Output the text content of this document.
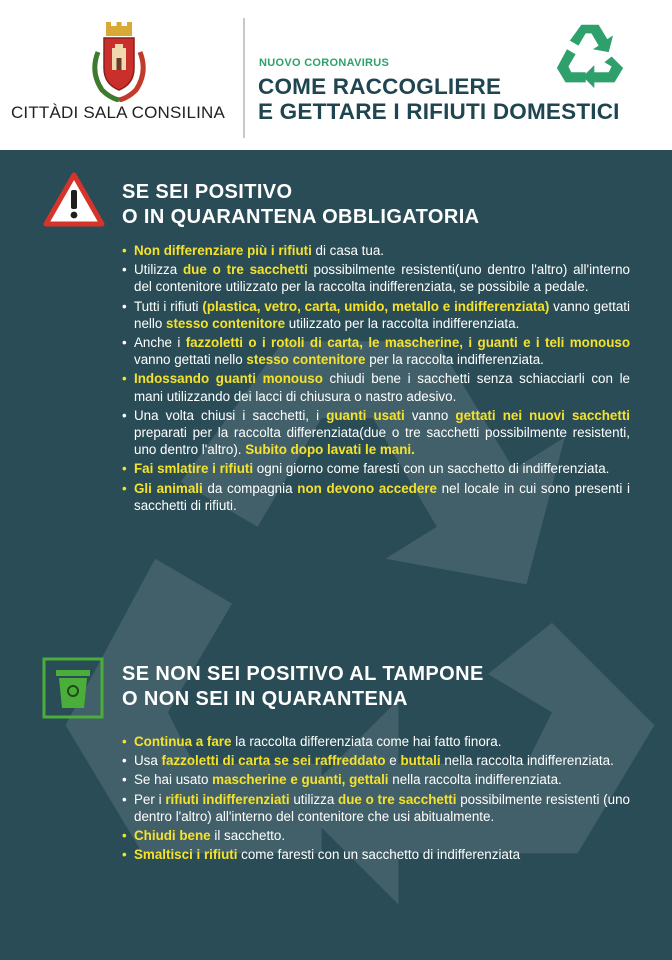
CITTÀDI SALA CONSILINA
NUOVO CORONAVIRUS
COME RACCOGLIERE
E GETTARE I RIFIUTI DOMESTICI
SE SEI POSITIVO
O IN QUARANTENA OBBLIGATORIA
• Non differenziare più i rifiuti di casa tua.
• Utilizza due o tre sacchetti possibilmente resistenti(uno dentro l'altro) all'interno del contenitore utilizzato per la raccolta indifferenziata, se possibile a pedale.
• Tutti i rifiuti (plastica, vetro, carta, umido, metallo e indifferenziata) vanno gettati nello stesso contenitore utilizzato per la raccolta indifferenziata.
• Anche i fazzoletti o i rotoli di carta, le mascherine, i guanti e i teli monouso vanno gettati nello stesso contenitore per la raccolta indifferenziata.
• Indossando guanti monouso chiudi bene i sacchetti senza schiacciarli con le mani utilizzando dei lacci di chiusura o nastro adesivo.
• Una volta chiusi i sacchetti, i guanti usati vanno gettati nei nuovi sacchetti preparati per la raccolta differenziata(due o tre sacchetti possibilmente resistenti, uno dentro l'altro). Subito dopo lavati le mani.
• Fai smlatire i rifiuti ogni giorno come faresti con un sacchetto di indifferenziata.
• Gli animali da compagnia non devono accedere nel locale in cui sono presenti i sacchetti di rifiuti.
SE NON SEI POSITIVO AL TAMPONE
O NON SEI IN QUARANTENA
• Continua a fare la raccolta differenziata come hai fatto finora.
• Usa fazzoletti di carta se sei raffreddato e buttali nella raccolta indifferenziata.
• Se hai usato mascherine e guanti, gettali nella raccolta indifferenziata.
• Per i rifiuti indifferenziati utilizza due o tre sacchetti possibilmente resistenti (uno dentro l'altro) all'interno del contenitore che usi abitualmente.
• Chiudi bene il sacchetto.
• Smaltisci i rifiuti come faresti con un sacchetto di indifferenziata
